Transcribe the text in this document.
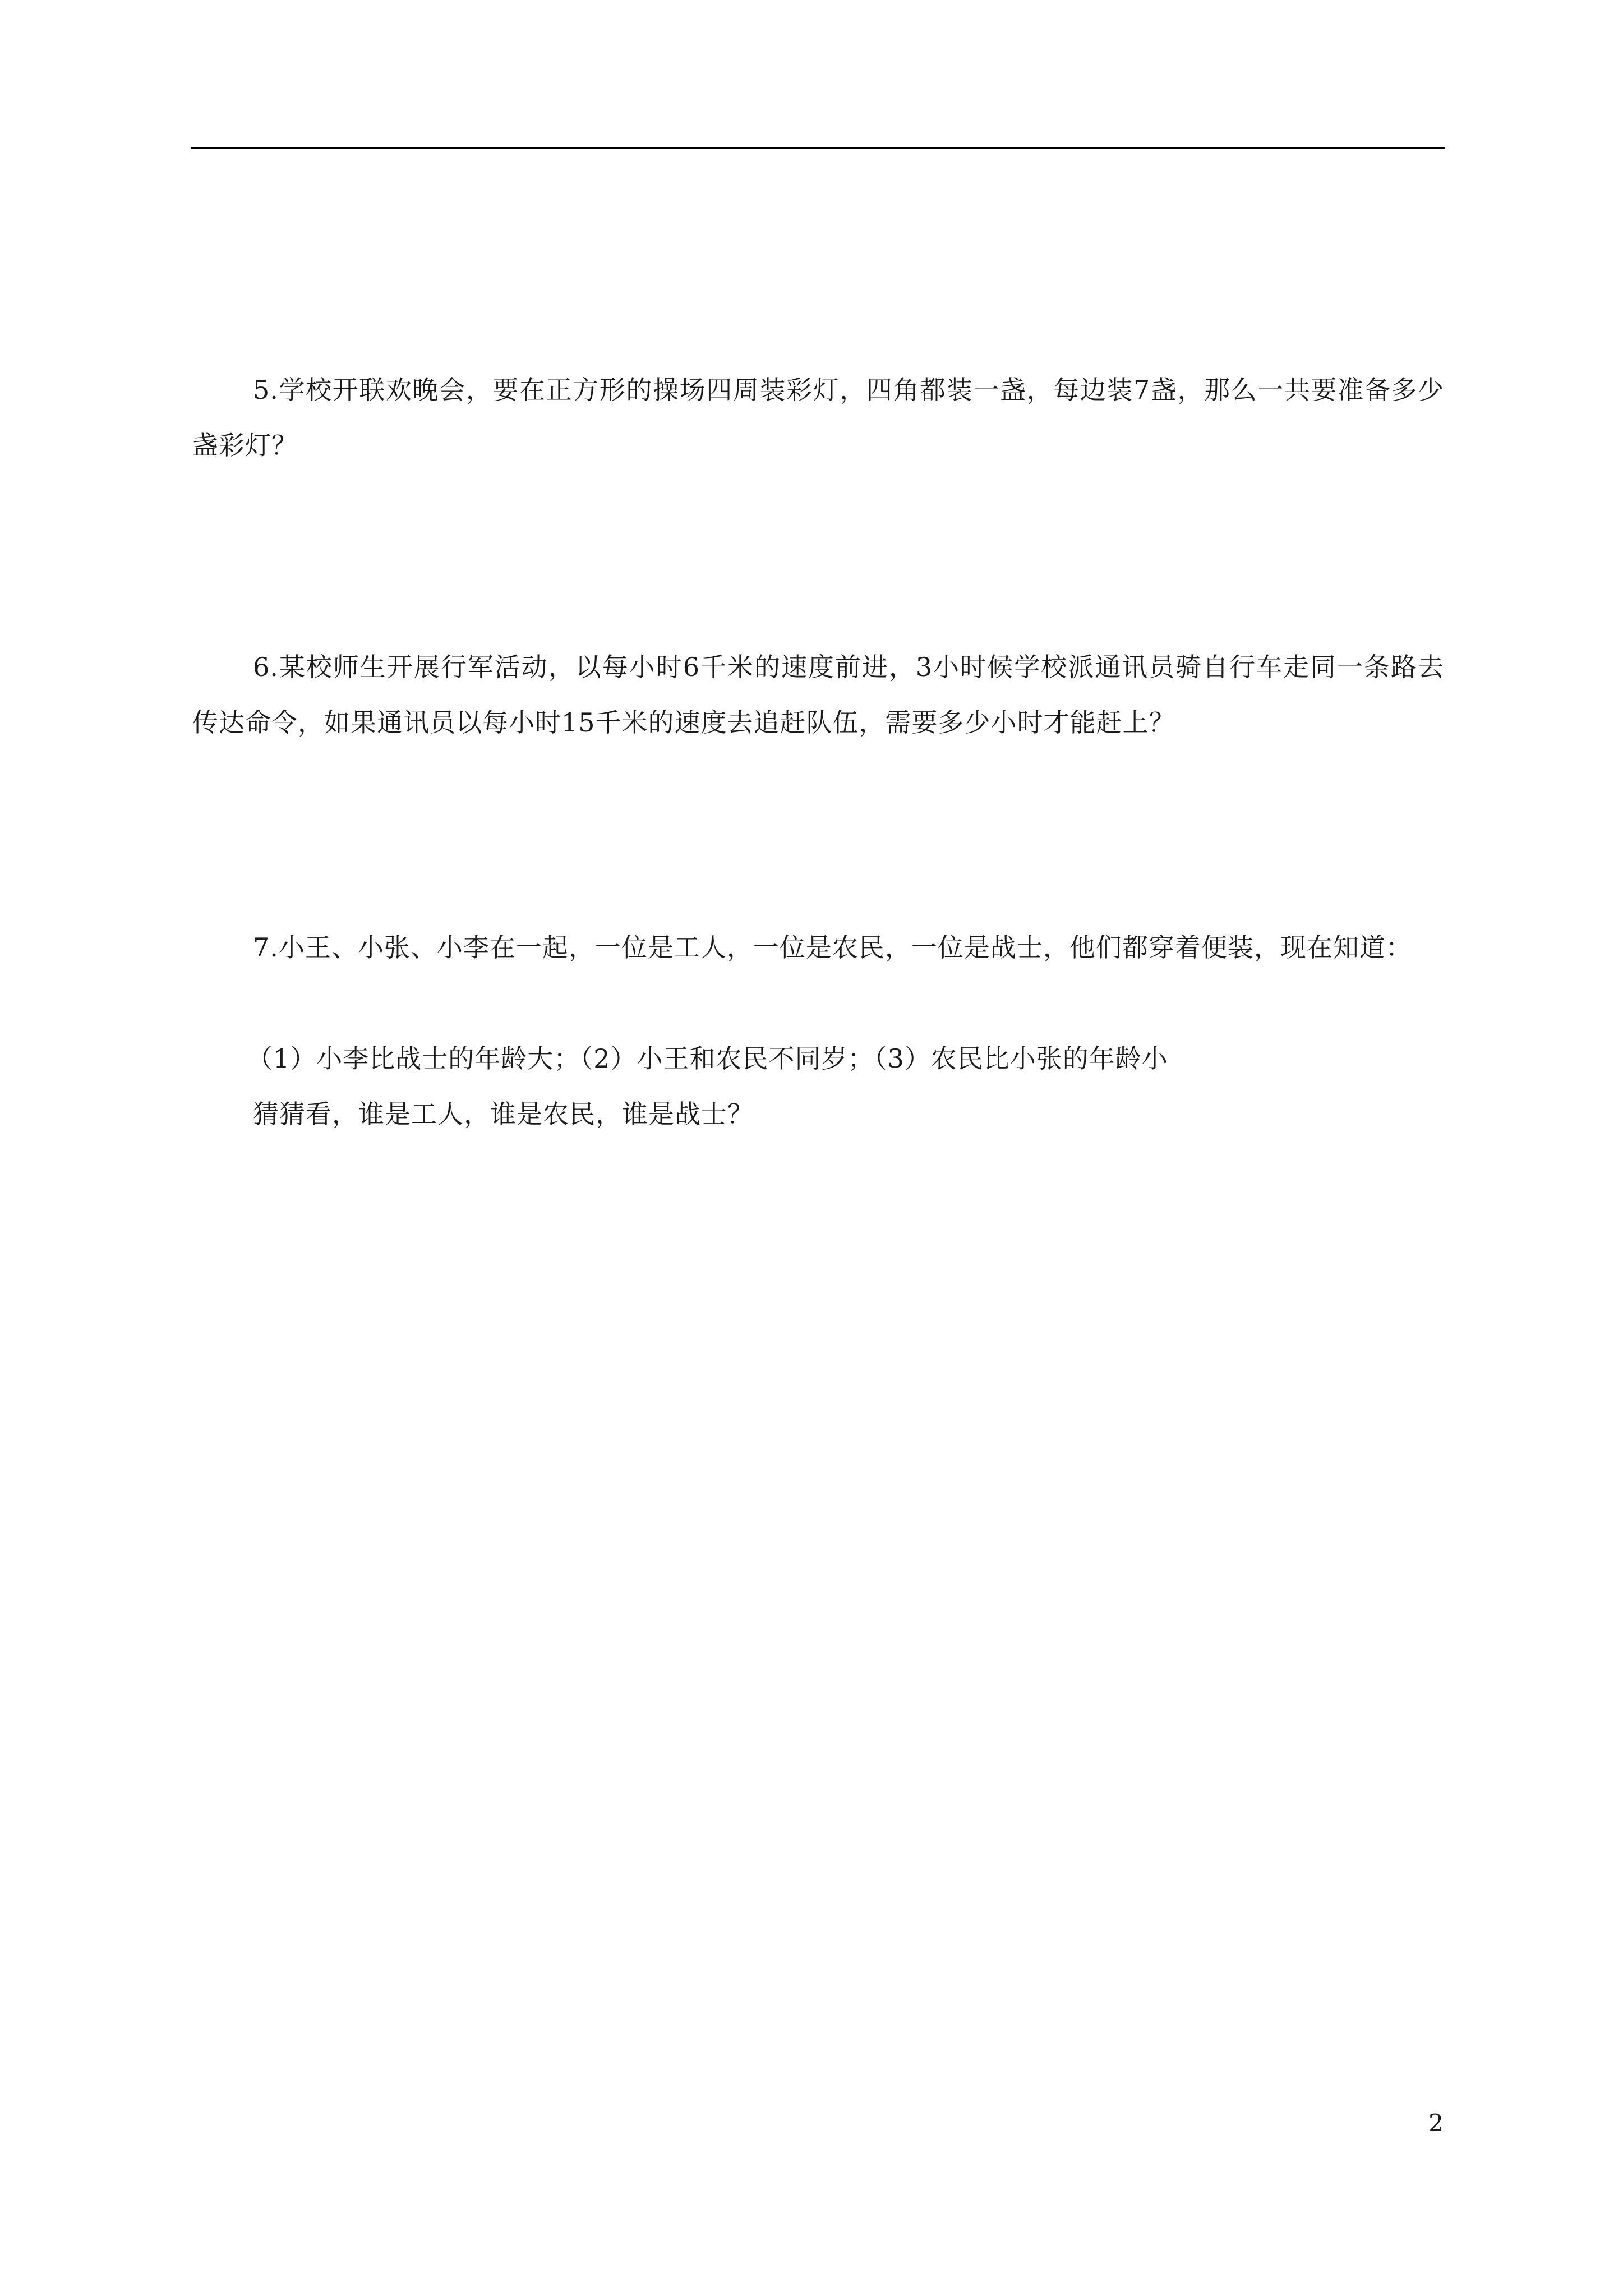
5.学校开联欢晚会，要在正方形的操场四周装彩灯，四角都装一盏，每边装7盏，那么一共要准备多少盏彩灯？

6.某校师生开展行军活动，以每小时6千米的速度前进，3小时候学校派通讯员骑自行车走同一条路去传达命令，如果通讯员以每小时15千米的速度去追赶队伍，需要多少小时才能赶上？

7.小王、小张、小李在一起，一位是工人，一位是农民，一位是战士，他们都穿着便装，现在知道：

（1）小李比战士的年龄大；（2）小王和农民不同岁；（3）农民比小张的年龄小

猜猜看，谁是工人，谁是农民，谁是战士？

2
